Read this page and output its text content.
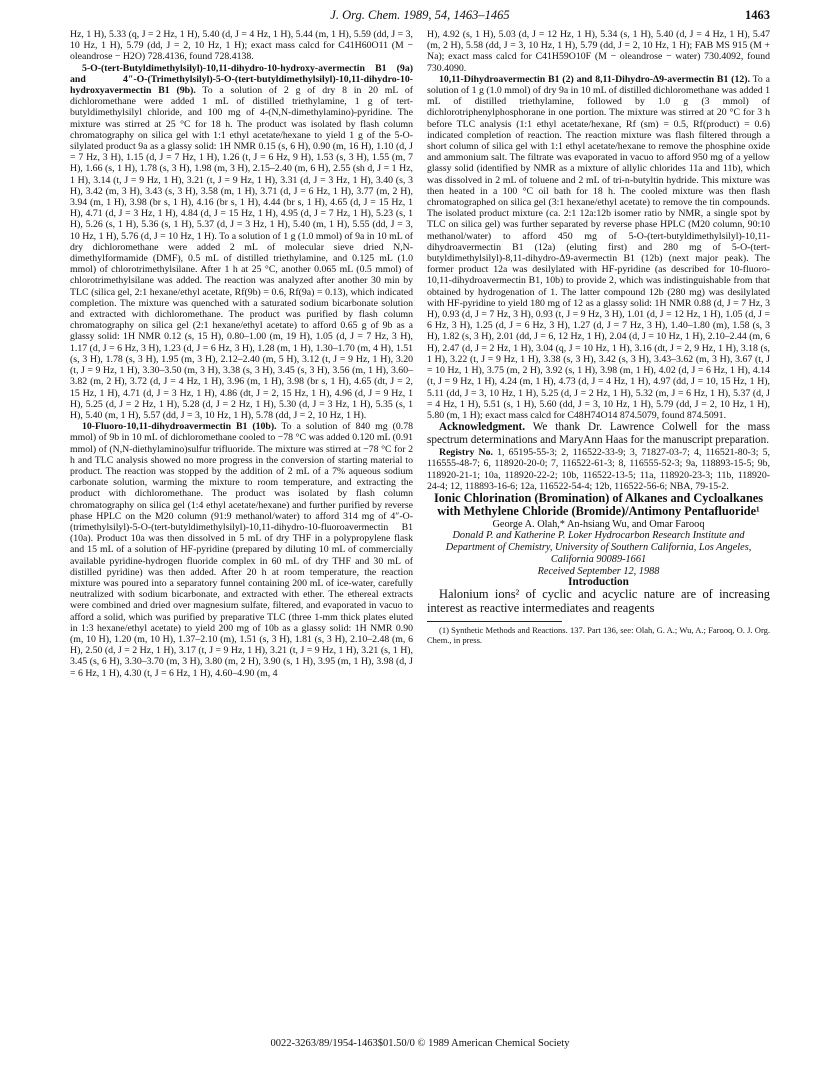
J. Org. Chem. 1989, 54, 1463–1465	1463

Hz, 1 H), 5.33 (q, J = 2 Hz, 1 H), 5.40 (d, J = 4 Hz, 1 H), 5.44 (m, 1 H), 5.59 (dd, J = 3, 10 Hz, 1 H), 5.79 (dd, J = 2, 10 Hz, 1 H); exact mass calcd for C41H60O11 (M − oleandrose − H2O) 728.4136, found 728.4138.

5-O-(tert-Butyldimethylsilyl)-10,11-dihydro-10-hydroxy-avermectin B1 (9a) and 4″-O-(Trimethylsilyl)-5-O-(tert-butyldimethylsilyl)-10,11-dihydro-10-hydroxyavermectin B1 (9b). To a solution of 2 g of dry 8 in 20 mL of dichloromethane were added 1 mL of distilled triethylamine, 1 g of tert-butyldimethylsilyl chloride, and 100 mg of 4-(N,N-dimethylamino)-pyridine. The mixture was stirred at 25 °C for 18 h. The product was isolated by flash column chromatography on silica gel with 1:1 ethyl acetate/hexane to yield 1 g of the 5-O-silylated product 9a as a glassy solid: 1H NMR 0.15 (s, 6 H), 0.90 (m, 16 H), 1.10 (d, J = 7 Hz, 3 H), 1.15 (d, J = 7 Hz, 1 H), 1.26 (t, J = 6 Hz, 9 H), 1.53 (s, 3 H), 1.55 (m, 7 H), 1.66 (s, 1 H), 1.78 (s, 3 H), 1.98 (m, 3 H), 2.15–2.40 (m, 6 H), 2.55 (sh d, J = 1 Hz, 1 H), 3.14 (t, J = 9 Hz, 1 H), 3.21 (t, J = 9 Hz, 1 H), 3.31 (d, J = 3 Hz, 1 H), 3.40 (s, 3 H), 3.42 (m, 3 H), 3.43 (s, 3 H), 3.58 (m, 1 H), 3.71 (d, J = 6 Hz, 1 H), 3.77 (m, 2 H), 3.94 (m, 1 H), 3.98 (br s, 1 H), 4.16 (br s, 1 H), 4.44 (br s, 1 H), 4.65 (d, J = 15 Hz, 1 H), 4.71 (d, J = 3 Hz, 1 H), 4.84 (d, J = 15 Hz, 1 H), 4.95 (d, J = 7 Hz, 1 H), 5.23 (s, 1 H), 5.26 (s, 1 H), 5.36 (s, 1 H), 5.37 (d, J = 3 Hz, 1 H), 5.40 (m, 1 H), 5.55 (dd, J = 3, 10 Hz, 1 H), 5.76 (d, J = 10 Hz, 1 H). To a solution of 1 g (1.0 mmol) of 9a in 10 mL of dry dichloromethane were added 2 mL of molecular sieve dried N,N-dimethylformamide (DMF), 0.5 mL of distilled triethylamine, and 0.125 mL (1.0 mmol) of chlorotrimethylsilane. After 1 h at 25 °C, another 0.065 mL (0.5 mmol) of chlorotrimethylsilane was added. The reaction was analyzed after another 30 min by TLC (silica gel, 2:1 hexane/ethyl acetate, Rf(9b) = 0.6, Rf(9a) = 0.13), which indicated completion. The mixture was quenched with a saturated sodium bicarbonate solution and extracted with dichloromethane. The product was purified by flash column chromatography on silica gel (2:1 hexane/ethyl acetate) to afford 0.65 g of 9b as a glassy solid: 1H NMR 0.12 (s, 15 H), 0.80–1.00 (m, 19 H), 1.05 (d, J = 7 Hz, 3 H), 1.17 (d, J = 6 Hz, 3 H), 1.23 (d, J = 6 Hz, 3 H), 1.28 (m, 1 H), 1.30–1.70 (m, 4 H), 1.51 (s, 3 H), 1.78 (s, 3 H), 1.95 (m, 3 H), 2.12–2.40 (m, 5 H), 3.12 (t, J = 9 Hz, 1 H), 3.20 (t, J = 9 Hz, 1 H), 3.30–3.50 (m, 3 H), 3.38 (s, 3 H), 3.45 (s, 3 H), 3.56 (m, 1 H), 3.60–3.82 (m, 2 H), 3.72 (d, J = 4 Hz, 1 H), 3.96 (m, 1 H), 3.98 (br s, 1 H), 4.65 (dt, J = 2, 15 Hz, 1 H), 4.71 (d, J = 3 Hz, 1 H), 4.86 (dt, J = 2, 15 Hz, 1 H), 4.96 (d, J = 9 Hz, 1 H), 5.25 (d, J = 2 Hz, 1 H), 5.28 (d, J = 2 Hz, 1 H), 5.30 (d, J = 3 Hz, 1 H), 5.35 (s, 1 H), 5.40 (m, 1 H), 5.57 (dd, J = 3, 10 Hz, 1 H), 5.78 (dd, J = 2, 10 Hz, 1 H).

10-Fluoro-10,11-dihydroavermectin B1 (10b). To a solution of 840 mg (0.78 mmol) of 9b in 10 mL of dichloromethane cooled to −78 °C was added 0.120 mL (0.91 mmol) of (N,N-diethylamino)sulfur trifluoride. The mixture was stirred at −78 °C for 2 h and TLC analysis showed no more progress in the conversion of starting material to product. The reaction was stopped by the addition of 2 mL of a 7% aqueous sodium carbonate solution, warming the mixture to room temperature, and extracting the product with dichloromethane. The product was isolated by flash column chromatography on silica gel (1:4 ethyl acetate/hexane) and further purified by reverse phase HPLC on the M20 column (91:9 methanol/water) to afford 314 mg of 4″-O-(trimethylsilyl)-5-O-(tert-butyldimethylsilyl)-10,11-dihydro-10-fluoroavermectin B1 (10a). Product 10a was then dissolved in 5 mL of dry THF in a polypropylene flask and 15 mL of a solution of HF-pyridine (prepared by diluting 10 mL of commercially available pyridine-hydrogen fluoride complex in 60 mL of dry THF and 30 mL of distilled pyridine) was then added. After 20 h at room temperature, the reaction mixture was poured into a separatory funnel containing 200 mL of ice-water, carefully neutralized with sodium bicarbonate, and extracted with ether. The ethereal extracts were combined and dried over magnesium sulfate, filtered, and evaporated in vacuo to afford a solid, which was purified by preparative TLC (three 1-mm thick plates eluted in 1:3 hexane/ethyl acetate) to yield 200 mg of 10b as a glassy solid: 1H NMR 0.90 (m, 10 H), 1.20 (m, 10 H), 1.37–2.10 (m), 1.51 (s, 3 H), 1.81 (s, 3 H), 2.10–2.48 (m, 6 H), 2.50 (d, J = 2 Hz, 1 H), 3.17 (t, J = 9 Hz, 1 H), 3.21 (t, J = 9 Hz, 1 H), 3.21 (s, 1 H), 3.45 (s, 6 H), 3.30–3.70 (m, 3 H), 3.80 (m, 2 H), 3.90 (s, 1 H), 3.95 (m, 1 H), 3.98 (d, J = 6 Hz, 1 H), 4.30 (t, J = 6 Hz, 1 H), 4.60–4.90 (m, 4

H), 4.92 (s, 1 H), 5.03 (d, J = 12 Hz, 1 H), 5.34 (s, 1 H), 5.40 (d, J = 4 Hz, 1 H), 5.47 (m, 2 H), 5.58 (dd, J = 3, 10 Hz, 1 H), 5.79 (dd, J = 2, 10 Hz, 1 H); FAB MS 915 (M + Na); exact mass calcd for C41H59O10F (M − oleandrose − water) 730.4092, found 730.4090.

10,11-Dihydroavermectin B1 (2) and 8,11-Dihydro-Δ9-avermectin B1 (12). To a solution of 1 g (1.0 mmol) of dry 9a in 10 mL of distilled dichloromethane was added 1 mL of distilled triethylamine, followed by 1.0 g (3 mmol) of dichlorotriphenylphosphorane in one portion. The mixture was stirred at 20 °C for 3 h before TLC analysis (1:1 ethyl acetate/hexane, Rf (sm) = 0.5, Rf(product) = 0.6) indicated completion of reaction. The reaction mixture was flash filtered through a short column of silica gel with 1:1 ethyl acetate/hexane to remove the phosphine oxide and ammonium salt. The filtrate was evaporated in vacuo to afford 950 mg of a yellow glassy solid (identified by NMR as a mixture of allylic chlorides 11a and 11b), which was dissolved in 2 mL of toluene and 2 mL of tri-n-butyltin hydride. This mixture was then heated in a 100 °C oil bath for 18 h. The cooled mixture was then flash chromatographed on silica gel (3:1 hexane/ethyl acetate) to remove the tin compounds. The isolated product mixture (ca. 2:1 12a:12b isomer ratio by NMR, a single spot by TLC on silica gel) was further separated by reverse phase HPLC (M20 column, 90:10 methanol/water) to afford 450 mg of 5-O-(tert-butyldimethylsilyl)-10,11-dihydroavermectin B1 (12a) (eluting first) and 280 mg of 5-O-(tert-butyldimethylsilyl)-8,11-dihydro-Δ9-avermectin B1 (12b) (next major peak). The former product 12a was desilylated with HF-pyridine (as described for 10-fluoro-10,11-dihydroavermectin B1, 10b) to provide 2, which was indistinguishable from that obtained by hydrogenation of 1. The latter compound 12b (280 mg) was desilylated with HF-pyridine to yield 180 mg of 12 as a glassy solid: 1H NMR 0.88 (d, J = 7 Hz, 3 H), 0.93 (d, J = 7 Hz, 3 H), 0.93 (t, J = 9 Hz, 3 H), 1.01 (d, J = 12 Hz, 1 H), 1.05 (d, J = 6 Hz, 3 H), 1.25 (d, J = 6 Hz, 3 H), 1.27 (d, J = 7 Hz, 3 H), 1.40–1.80 (m), 1.58 (s, 3 H), 1.82 (s, 3 H), 2.01 (dd, J = 6, 12 Hz, 1 H), 2.04 (d, J = 10 Hz, 1 H), 2.10–2.44 (m, 6 H), 2.47 (d, J = 2 Hz, 1 H), 3.04 (q, J = 10 Hz, 1 H), 3.16 (dt, J = 2, 9 Hz, 1 H), 3.18 (s, 1 H), 3.22 (t, J = 9 Hz, 1 H), 3.38 (s, 3 H), 3.42 (s, 3 H), 3.43–3.62 (m, 3 H), 3.67 (t, J = 10 Hz, 1 H), 3.75 (m, 2 H), 3.92 (s, 1 H), 3.98 (m, 1 H), 4.02 (d, J = 6 Hz, 1 H), 4.14 (t, J = 9 Hz, 1 H), 4.24 (m, 1 H), 4.73 (d, J = 4 Hz, 1 H), 4.97 (dd, J = 10, 15 Hz, 1 H), 5.11 (dd, J = 3, 10 Hz, 1 H), 5.25 (d, J = 2 Hz, 1 H), 5.32 (m, J = 6 Hz, 1 H), 5.37 (d, J = 4 Hz, 1 H), 5.51 (s, 1 H), 5.60 (dd, J = 3, 10 Hz, 1 H), 5.79 (dd, J = 2, 10 Hz, 1 H), 5.80 (m, 1 H); exact mass calcd for C48H74O14 874.5079, found 874.5091.

Acknowledgment. We thank Dr. Lawrence Colwell for the mass spectrum determinations and MaryAnn Haas for the manuscript preparation.

Registry No. 1, 65195-55-3; 2, 116522-33-9; 3, 71827-03-7; 4, 116521-80-3; 5, 116555-48-7; 6, 118920-20-0; 7, 116522-61-3; 8, 116555-52-3; 9a, 118893-15-5; 9b, 118920-21-1; 10a, 118920-22-2; 10b, 116522-13-5; 11a, 118920-23-3; 11b, 118920-24-4; 12, 118893-16-6; 12a, 116522-54-4; 12b, 116522-56-6; NBA, 79-15-2.

Ionic Chlorination (Bromination) of Alkanes and Cycloalkanes with Methylene Chloride (Bromide)/Antimony Pentafluoride¹

George A. Olah,* An-hsiang Wu, and Omar Farooq

Donald P. and Katherine P. Loker Hydrocarbon Research Institute and Department of Chemistry, University of Southern California, Los Angeles, California 90089-1661

Received September 12, 1988

Introduction

Halonium ions² of cyclic and acyclic nature are of increasing interest as reactive intermediates and reagents

(1) Synthetic Methods and Reactions. 137. Part 136, see: Olah, G. A.; Wu, A.; Farooq, O. J. Org. Chem., in press.

0022-3263/89/1954-1463$01.50/0 © 1989 American Chemical Society
